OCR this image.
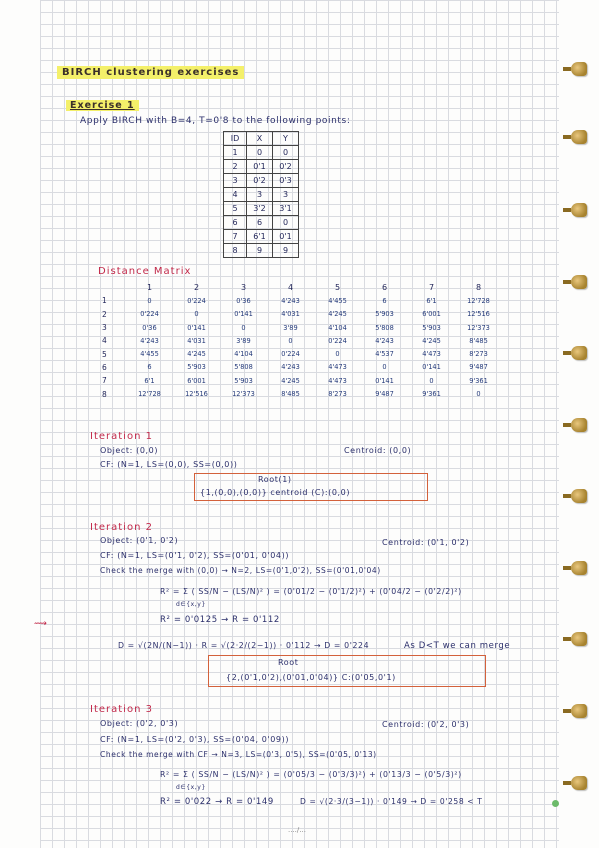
BIRCH clustering exercises
Exercise 1
Apply BIRCH with B=4, T=0'8 to the following points:
ID	X	Y
1	0	0
2	0'1	0'2
3	0'2	0'3
4	3	3
5	3'2	3'1
6	6	0
7	6'1	0'1
8	9	9
Distance Matrix
	1	2	3	4	5	6	7	8
1	0	0'224	0'36	4'243	4'455	6	6'1	12'728
2	0'224	0	0'141	4'031	4'245	5'903	6'001	12'516
3	0'36	0'141	0	3'89	4'104	5'808	5'903	12'373
4	4'243	4'031	3'89	0	0'224	4'243	4'245	8'485
5	4'455	4'245	4'104	0'224	0	4'537	4'473	8'273
6	6	5'903	5'808	4'243	4'473	0	0'141	9'487
7	6'1	6'001	5'903	4'245	4'473	0'141	0	9'361
8	12'728	12'516	12'373	8'485	8'273	9'487	9'361	0
Iteration 1
Object: (0,0)	Centroid: (0,0)
CF: (N=1, LS=(0,0), SS=(0,0))
Root(1)
{1,(0,0),(0,0)} centroid (C):(0,0)
Iteration 2
Object: (0'1, 0'2)	Centroid: (0'1, 0'2)
CF: (N=1, LS=(0'1, 0'2), SS=(0'01, 0'04))
Check the merge with (0,0) → N=2, LS=(0'1,0'2), SS=(0'01,0'04)
R² = Σ ( SS/N − (LS/N)² ) = (0'01/2 − (0'1/2)²) + (0'04/2 − (0'2/2)²)
d∈{x,y}
R² = 0'0125 → R = 0'112
D = √(2N/(N−1)) · R = √(2·2/(2−1)) · 0'112 → D = 0'224	As D<T we can merge
Root
{2,(0'1,0'2),(0'01,0'04)} C:(0'05,0'1)
⟿
Iteration 3
Object: (0'2, 0'3)	Centroid: (0'2, 0'3)
CF: (N=1, LS=(0'2, 0'3), SS=(0'04, 0'09))
Check the merge with CF → N=3, LS=(0'3, 0'5), SS=(0'05, 0'13)
R² = Σ ( SS/N − (LS/N)² ) = (0'05/3 − (0'3/3)²) + (0'13/3 − (0'5/3)²)
d∈{x,y}
R² = 0'022 → R = 0'149	D = √(2·3/(3−1)) · 0'149 → D = 0'258 < T
..../...
